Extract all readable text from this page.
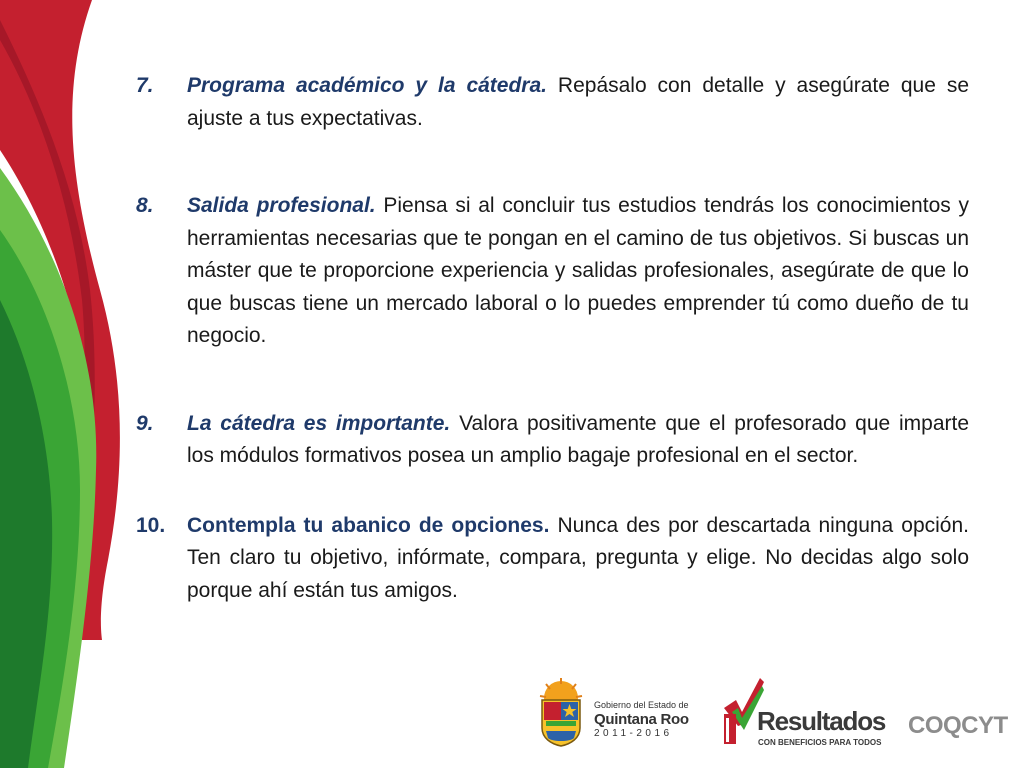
7.	Programa académico y la cátedra. Repásalo con detalle y asegúrate que se ajuste a tus expectativas.
8.	Salida profesional. Piensa si al concluir tus estudios tendrás los conocimientos y herramientas necesarias que te pongan en el camino de tus objetivos. Si buscas un máster que te proporcione experiencia y salidas profesionales, asegúrate de que lo que buscas tiene un mercado laboral o lo puedes emprender tú como dueño de tu negocio.
9.	La cátedra es importante. Valora positivamente que el profesorado que imparte los módulos formativos posea un amplio bagaje profesional en el sector.
10.	Contempla tu abanico de opciones. Nunca des por descartada ninguna opción. Ten claro tu objetivo, infórmate, compara, pregunta y elige. No decidas algo solo porque ahí están tus amigos.
Gobierno del Estado de
Quintana Roo
2011-2016	Resultados
CON BENEFICIOS PARA TODOS
COQCYT
